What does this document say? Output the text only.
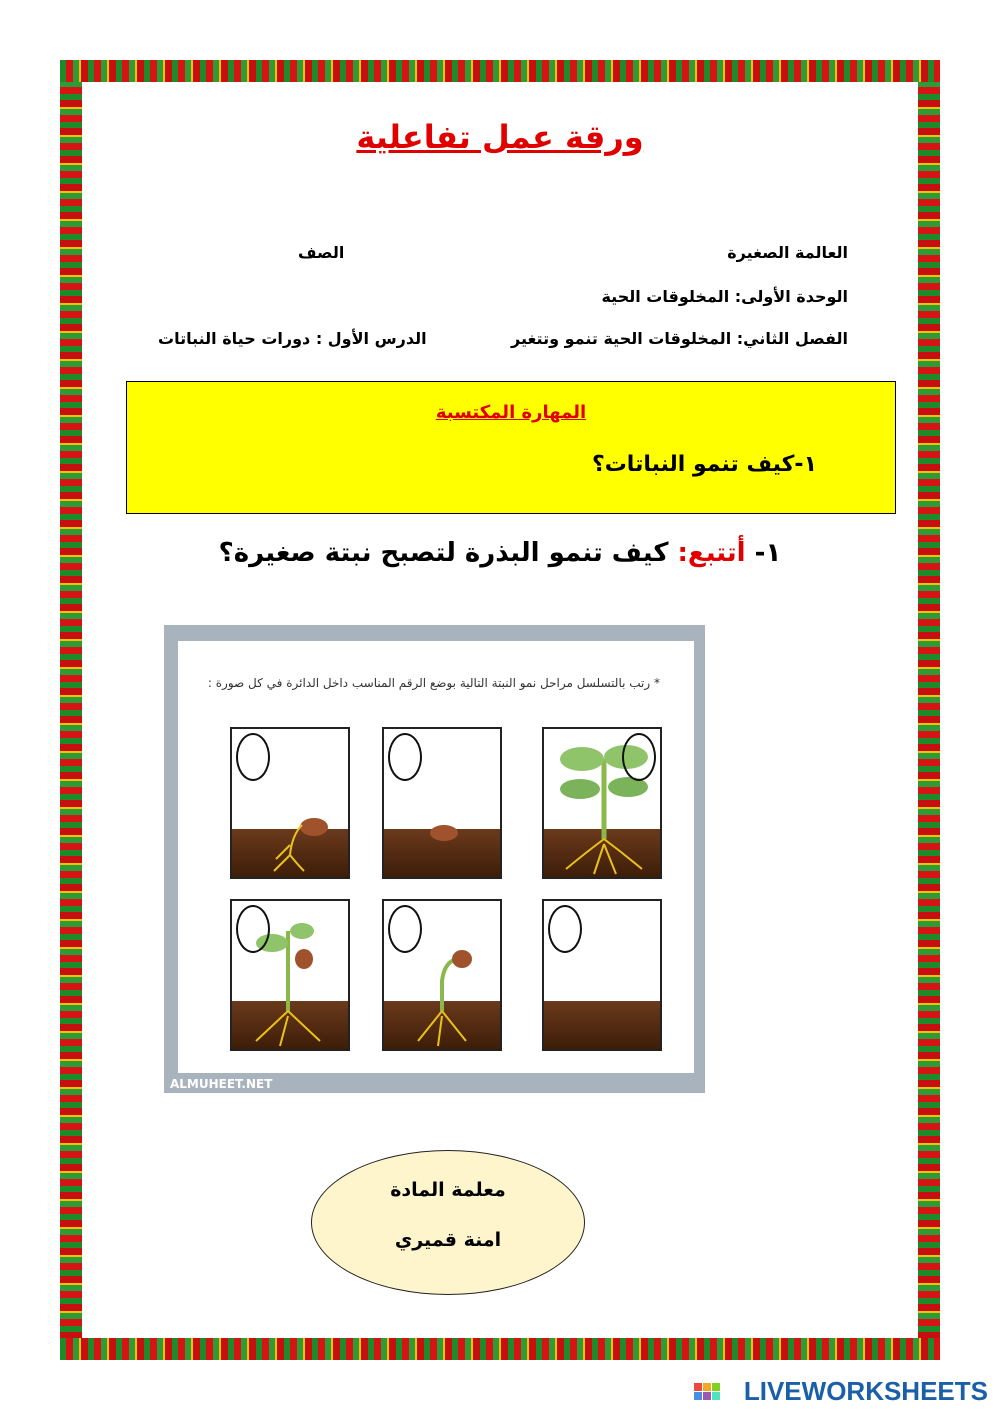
ورقة عمل تفاعلية
العالمة الصغيرة
الصف
الوحدة الأولى: المخلوقات الحية
الفصل الثاني: المخلوقات الحية تنمو وتتغير
الدرس الأول : دورات حياة النباتات
المهارة المكتسبة
١-كيف تنمو النباتات؟
١- أتتبع: كيف تنمو البذرة لتصبح نبتة صغيرة؟
* رتب بالتسلسل مراحل نمو النبتة التالية بوضع الرقم المناسب داخل الدائرة في كل صورة :
ALMUHEET.NET
معلمة المادة
امنة قميري
LIVEWORKSHEETS
